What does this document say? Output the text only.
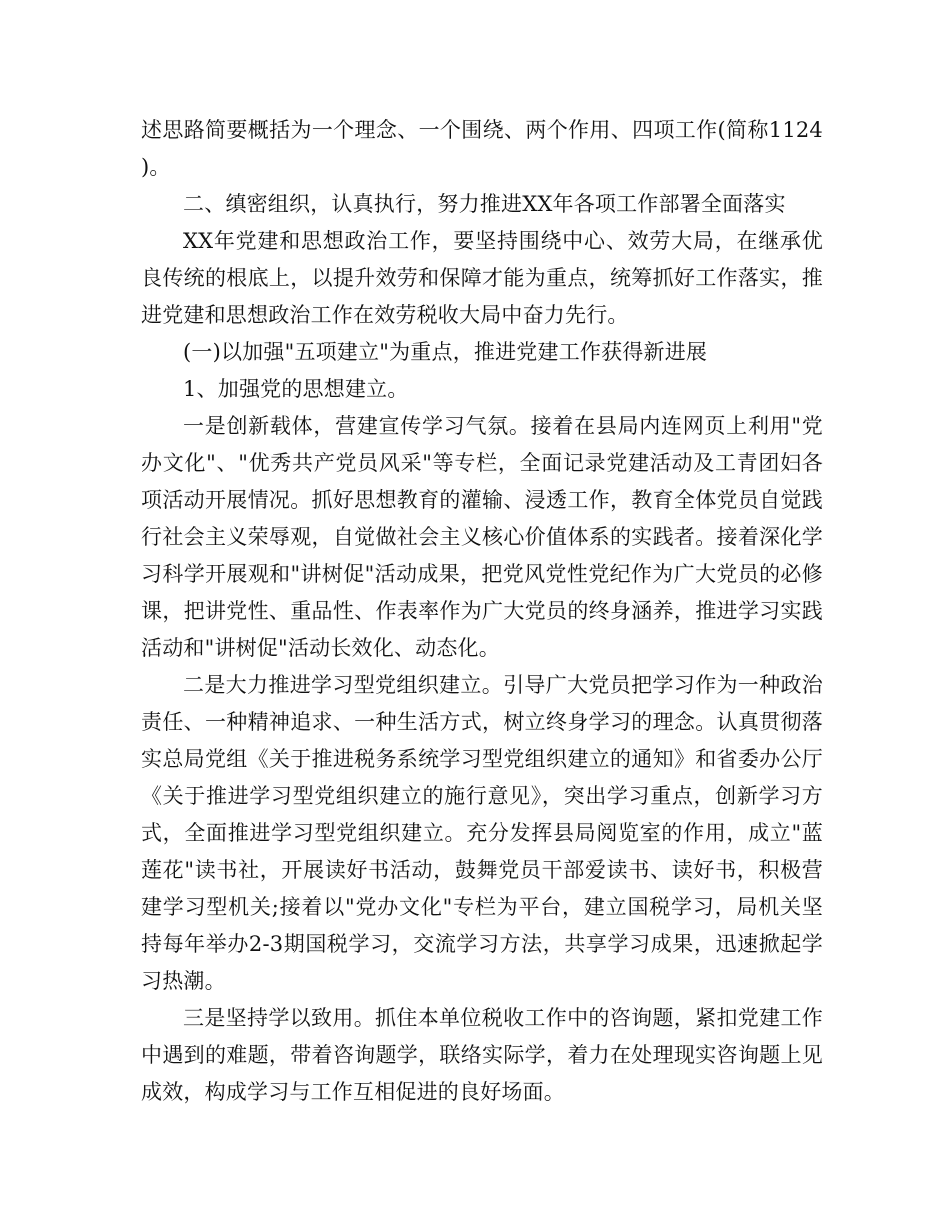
述思路简要概括为一个理念、一个围绕、两个作用、四项工作(简称1124)。

二、缜密组织，认真执行，努力推进XX年各项工作部署全面落实

XX年党建和思想政治工作，要坚持围绕中心、效劳大局，在继承优良传统的根底上，以提升效劳和保障才能为重点，统筹抓好工作落实，推进党建和思想政治工作在效劳税收大局中奋力先行。

(一)以加强"五项建立"为重点，推进党建工作获得新进展

1、加强党的思想建立。

一是创新载体，营建宣传学习气氛。接着在县局内连网页上利用"党办文化"、"优秀共产党员风采"等专栏，全面记录党建活动及工青团妇各项活动开展情况。抓好思想教育的灌输、浸透工作，教育全体党员自觉践行社会主义荣辱观，自觉做社会主义核心价值体系的实践者。接着深化学习科学开展观和"讲树促"活动成果，把党风党性党纪作为广大党员的必修课，把讲党性、重品性、作表率作为广大党员的终身涵养，推进学习实践活动和"讲树促"活动长效化、动态化。

二是大力推进学习型党组织建立。引导广大党员把学习作为一种政治责任、一种精神追求、一种生活方式，树立终身学习的理念。认真贯彻落实总局党组《关于推进税务系统学习型党组织建立的通知》和省委办公厅《关于推进学习型党组织建立的施行意见》，突出学习重点，创新学习方式，全面推进学习型党组织建立。充分发挥县局阅览室的作用，成立"蓝莲花"读书社，开展读好书活动，鼓舞党员干部爱读书、读好书，积极营建学习型机关;接着以"党办文化"专栏为平台，建立国税学习，局机关坚持每年举办2-3期国税学习，交流学习方法，共享学习成果，迅速掀起学习热潮。

三是坚持学以致用。抓住本单位税收工作中的咨询题，紧扣党建工作中遇到的难题，带着咨询题学，联络实际学，着力在处理现实咨询题上见成效，构成学习与工作互相促进的良好场面。
